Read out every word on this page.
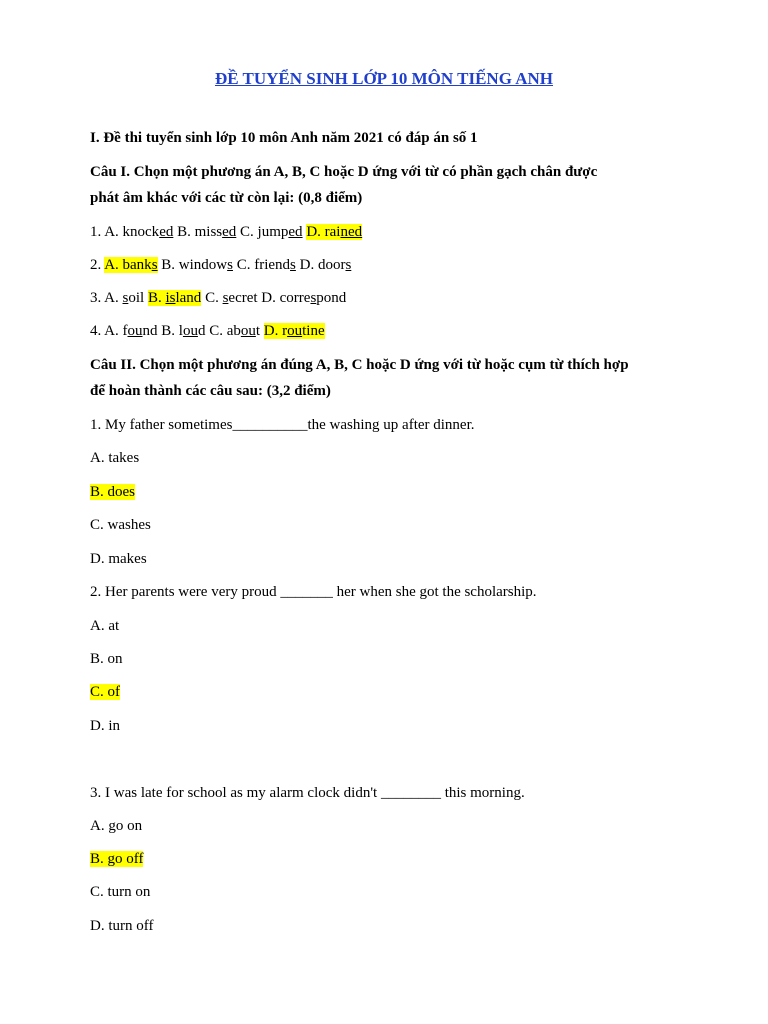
ĐỀ TUYỂN SINH LỚP 10 MÔN TIẾNG ANH
I. Đề thi tuyển sinh lớp 10 môn Anh năm 2021 có đáp án số 1
Câu I. Chọn một phương án A, B, C hoặc D ứng với từ có phần gạch chân được
phát âm khác với các từ còn lại: (0,8 điểm)
1. A. knocked B. missed C. jumped D. rained
2. A. banks B. windows C. friends D. doors
3. A. soil B. island C. secret D. correspond
4. A. found B. loud C. about D. routine
Câu II. Chọn một phương án đúng A, B, C hoặc D ứng với từ hoặc cụm từ thích hợp
để hoàn thành các câu sau: (3,2 điểm)
1. My father sometimes__________the washing up after dinner.
A. takes
B. does
C. washes
D. makes
2. Her parents were very proud _______ her when she got the scholarship.
A. at
B. on
C. of
D. in
3. I was late for school as my alarm clock didn't ________ this morning.
A. go on
B. go off
C. turn on
D. turn off
